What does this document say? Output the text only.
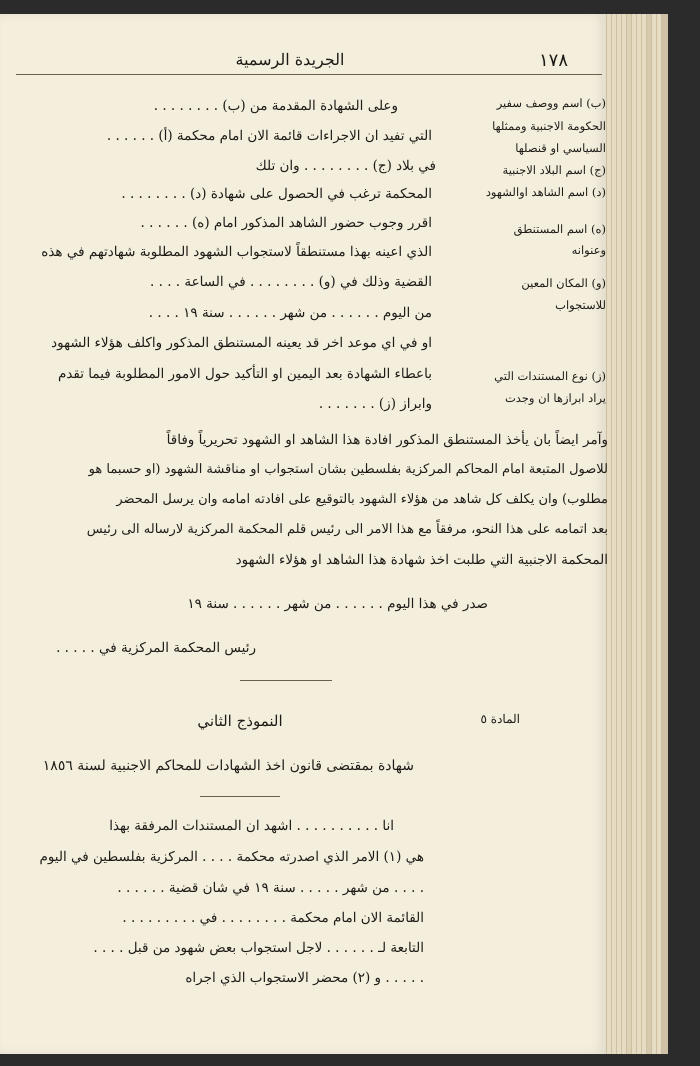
١٧٨
الجريدة الرسمية
(ب) اسم ووصف سفير
الحكومة الاجنبية وممثلها
السياسي او قنصلها
(ج) اسم البلاد الاجنبية
(د) اسم الشاهد اوالشهود
(ه) اسم المستنطق
وعنوانه
(و) المكان المعين
للاستجواب
(ز) نوع المستندات التي
يراد ابرازها ان وجدت
وعلى الشهادة المقدمة من (ب) . . . . . . . .
التي تفيد ان الاجراءات قائمة الان امام محكمة (أ) . . . . . .
في بلاد (ج) . . . . . . . . وان تلك
المحكمة ترغب في الحصول على شهادة (د) . . . . . . . .
اقرر وجوب حضور الشاهد المذكور امام (ه) . . . . . .
الذي اعينه بهذا مستنطقاً لاستجواب الشهود المطلوبة شهادتهم في هذه
القضية وذلك في (و) . . . . . . . . في الساعة . . . .
من اليوم . . . . . . من شهر . . . . . . سنة ١٩ . . . .
او في اي موعد اخر قد يعينه المستنطق المذكور واكلف هؤلاء الشهود
باعطاء الشهادة بعد اليمين او التأكيد حول الامور المطلوبة فيما تقدم
وابراز (ز) . . . . . . .
وآمر ايضاً بان يأخذ المستنطق المذكور افادة هذا الشاهد او الشهود تحريرياً وفاقاً
للاصول المتبعة امام المحاكم المركزية بفلسطين بشان استجواب او مناقشة الشهود (او حسبما هو
مطلوب) وان يكلف كل شاهد من هؤلاء الشهود بالتوقيع على افادته امامه وان يرسل المحضر
بعد اتمامه على هذا النحو، مرفقاً مع هذا الامر الى رئيس قلم المحكمة المركزية لارساله الى رئيس
المحكمة الاجنبية التي طلبت اخذ شهادة هذا الشاهد او هؤلاء الشهود
صدر في هذا اليوم . . . . . . من شهر . . . . . . سنة ١٩
رئيس المحكمة المركزية في . . . . .
المادة ٥
النموذج الثاني
شهادة بمقتضى قانون اخذ الشهادات للمحاكم الاجنبية لسنة ١٨٥٦
انا . . . . . . . . . . اشهد ان المستندات المرفقة بهذا
هي (١) الامر الذي اصدرته محكمة . . . . المركزية بفلسطين في اليوم
. . . . من شهر . . . . . سنة ١٩ في شان قضية . . . . . .
القائمة الان امام محكمة . . . . . . . . في . . . . . . . . .
التابعة لـ . . . . . . لاجل استجواب بعض شهود من قبل . . . .
. . . . . و (٢) محضر الاستجواب الذي اجراه
